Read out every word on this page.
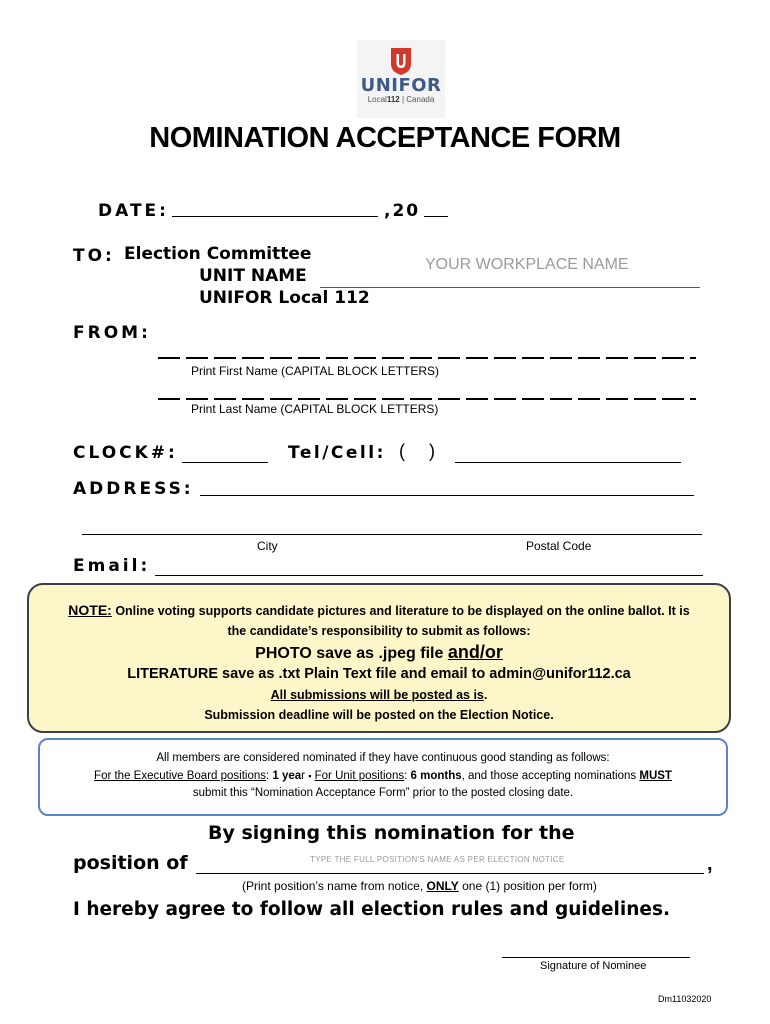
UNIFOR
Local112 | Canada
NOMINATION ACCEPTANCE FORM
DATE:	,20
TO: Election Committee
UNIT NAME
UNIFOR Local 112
YOUR WORKPLACE NAME
FROM:
Print First Name (CAPITAL BLOCK LETTERS)
Print Last Name (CAPITAL BLOCK LETTERS)
CLOCK#:	Tel/Cell: ( )
ADDRESS:
City	Postal Code
Email:
NOTE: Online voting supports candidate pictures and literature to be displayed on the online ballot. It is
the candidate’s responsibility to submit as follows:
PHOTO save as .jpeg file and/or
LITERATURE save as .txt Plain Text file and email to admin@unifor112.ca
All submissions will be posted as is.
Submission deadline will be posted on the Election Notice.
All members are considered nominated if they have continuous good standing as follows:
For the Executive Board positions: 1 year ▪ For Unit positions: 6 months, and those accepting nominations MUST
submit this “Nomination Acceptance Form” prior to the posted closing date.
By signing this nomination for the
position of	TYPE THE FULL POSITION'S NAME AS PER ELECTION NOTICE	,
(Print position’s name from notice, ONLY one (1) position per form)
I hereby agree to follow all election rules and guidelines.
Signature of Nominee
Dm11032020
